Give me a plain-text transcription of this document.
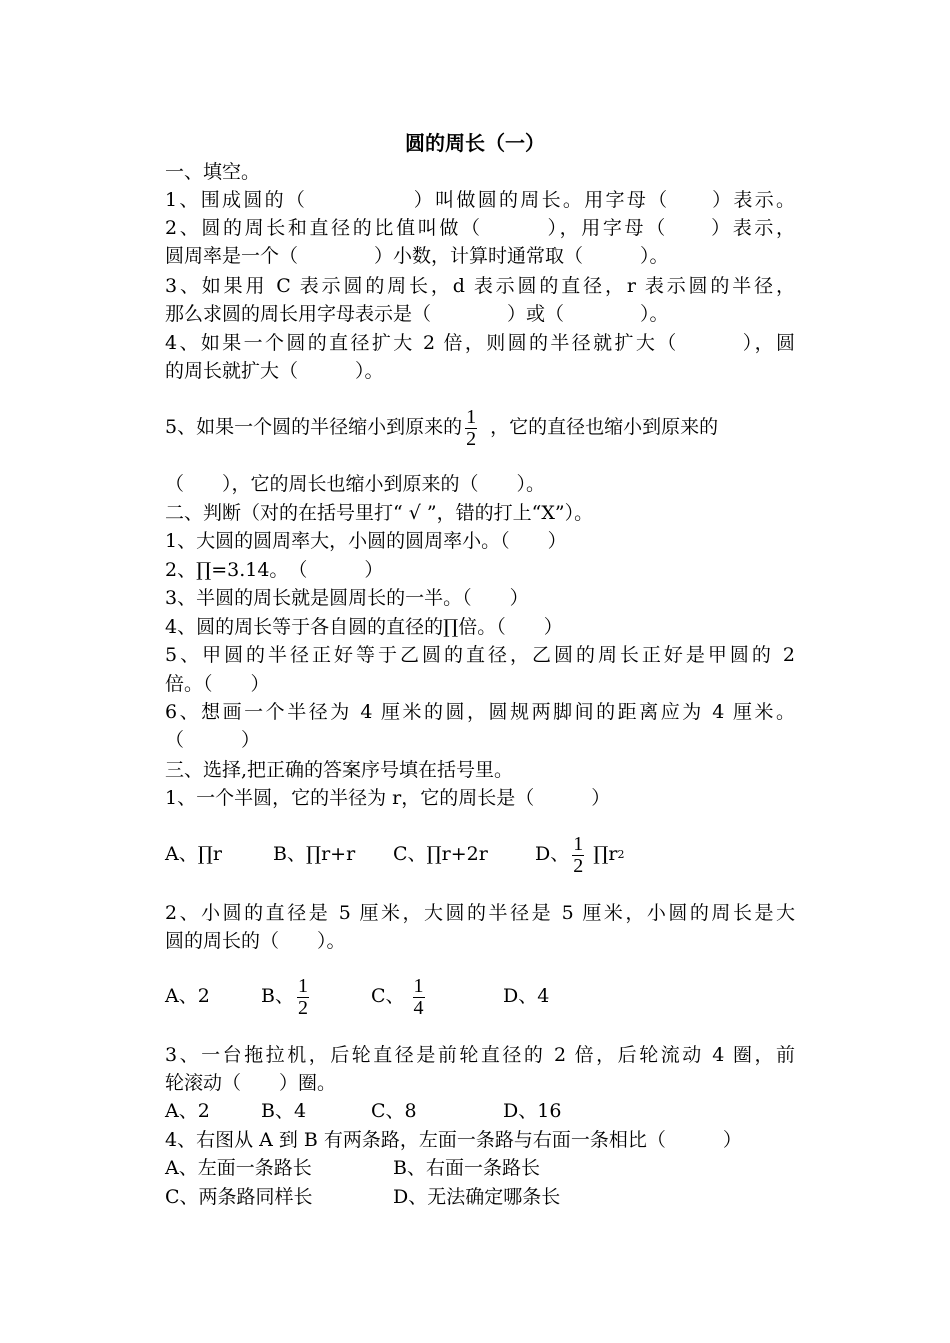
圆的周长（一）
一、填空。
1、围成圆的（　　　　　）叫做圆的周长。用字母（　　）表示。
2、圆的周长和直径的比值叫做（　　　），用字母（　　）表示，
圆周率是一个（　　　　）小数，计算时通常取（　　　）。
3、如果用 C 表示圆的周长，d 表示圆的直径，r 表示圆的半径，
那么求圆的周长用字母表示是（　　　　）或（　　　　）。
4、如果一个圆的直径扩大 2 倍，则圆的半径就扩大（　　　），圆
的周长就扩大（　　　）。
5、如果一个圆的半径缩小到原来的 $\frac{1}{2}$ ，它的直径也缩小到原来的
（　　），它的周长也缩小到原来的（　　）。
二、判断（对的在括号里打“ √ ”，错的打上“X”）。
1、大圆的圆周率大，小圆的圆周率小。（　　）
2、∏=3.14。　（　　　）
3、半圆的周长就是圆周长的一半。（　　）
4、圆的周长等于各自圆的直径的∏倍。（　　）
5、甲圆的半径正好等于乙圆的直径，乙圆的周长正好是甲圆的 2
倍。（　　）
6、想画一个半径为 4 厘米的圆，圆规两脚间的距离应为 4 厘米。
（　　　）
三、选择,把正确的答案序号填在括号里。
1、一个半圆，它的半径为 r，它的周长是（　　　）
A、∏r	B、∏r+r C、∏r+2r D、 $\frac{1}{2}$ $\prod r^2$
2、小圆的直径是 5 厘米，大圆的半径是 5 厘米，小圆的周长是大
圆的周长的（　　）。
A、2	B、 $\frac{1}{2}$	C、 $\frac{1}{4}$	D、4
3、一台拖拉机，后轮直径是前轮直径的 2 倍，后轮流动 4 圈，前
轮滚动（　　）圈。
A、2	B、4	C、8	D、16
4、右图从 A 到 B 有两条路，左面一条路与右面一条相比（　　　）
A、左面一条路长	B、右面一条路长
C、两条路同样长	D、无法确定哪条长
